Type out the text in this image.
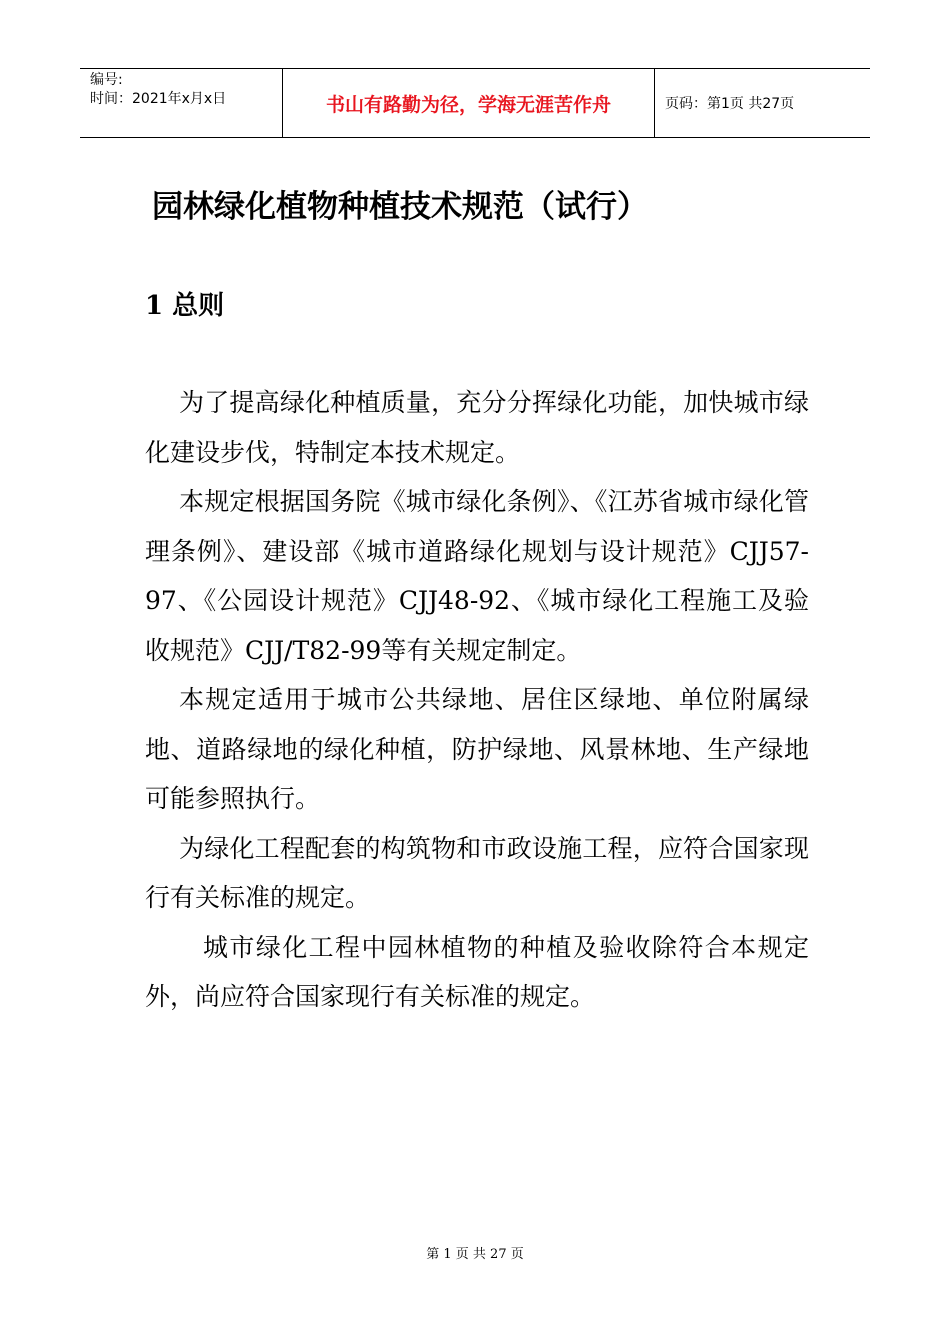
编号:
时间：2021年x月x日	书山有路勤为径，学海无涯苦作舟	页码：第1页 共27页
园林绿化植物种植技术规范（试行）
1 总则

为了提高绿化种植质量，充分分挥绿化功能，加快城市绿化建设步伐，特制定本技术规定。

本规定根据国务院《城市绿化条例》、《江苏省城市绿化管理条例》、建设部《城市道路绿化规划与设计规范》CJJ57-97、《公园设计规范》CJJ48-92、《城市绿化工程施工及验收规范》CJJ/T82-99等有关规定制定。

本规定适用于城市公共绿地、居住区绿地、单位附属绿地、道路绿地的绿化种植，防护绿地、风景林地、生产绿地可能参照执行。

为绿化工程配套的构筑物和市政设施工程，应符合国家现行有关标准的规定。

城市绿化工程中园林植物的种植及验收除符合本规定外，尚应符合国家现行有关标准的规定。

第 1 页 共 27 页
